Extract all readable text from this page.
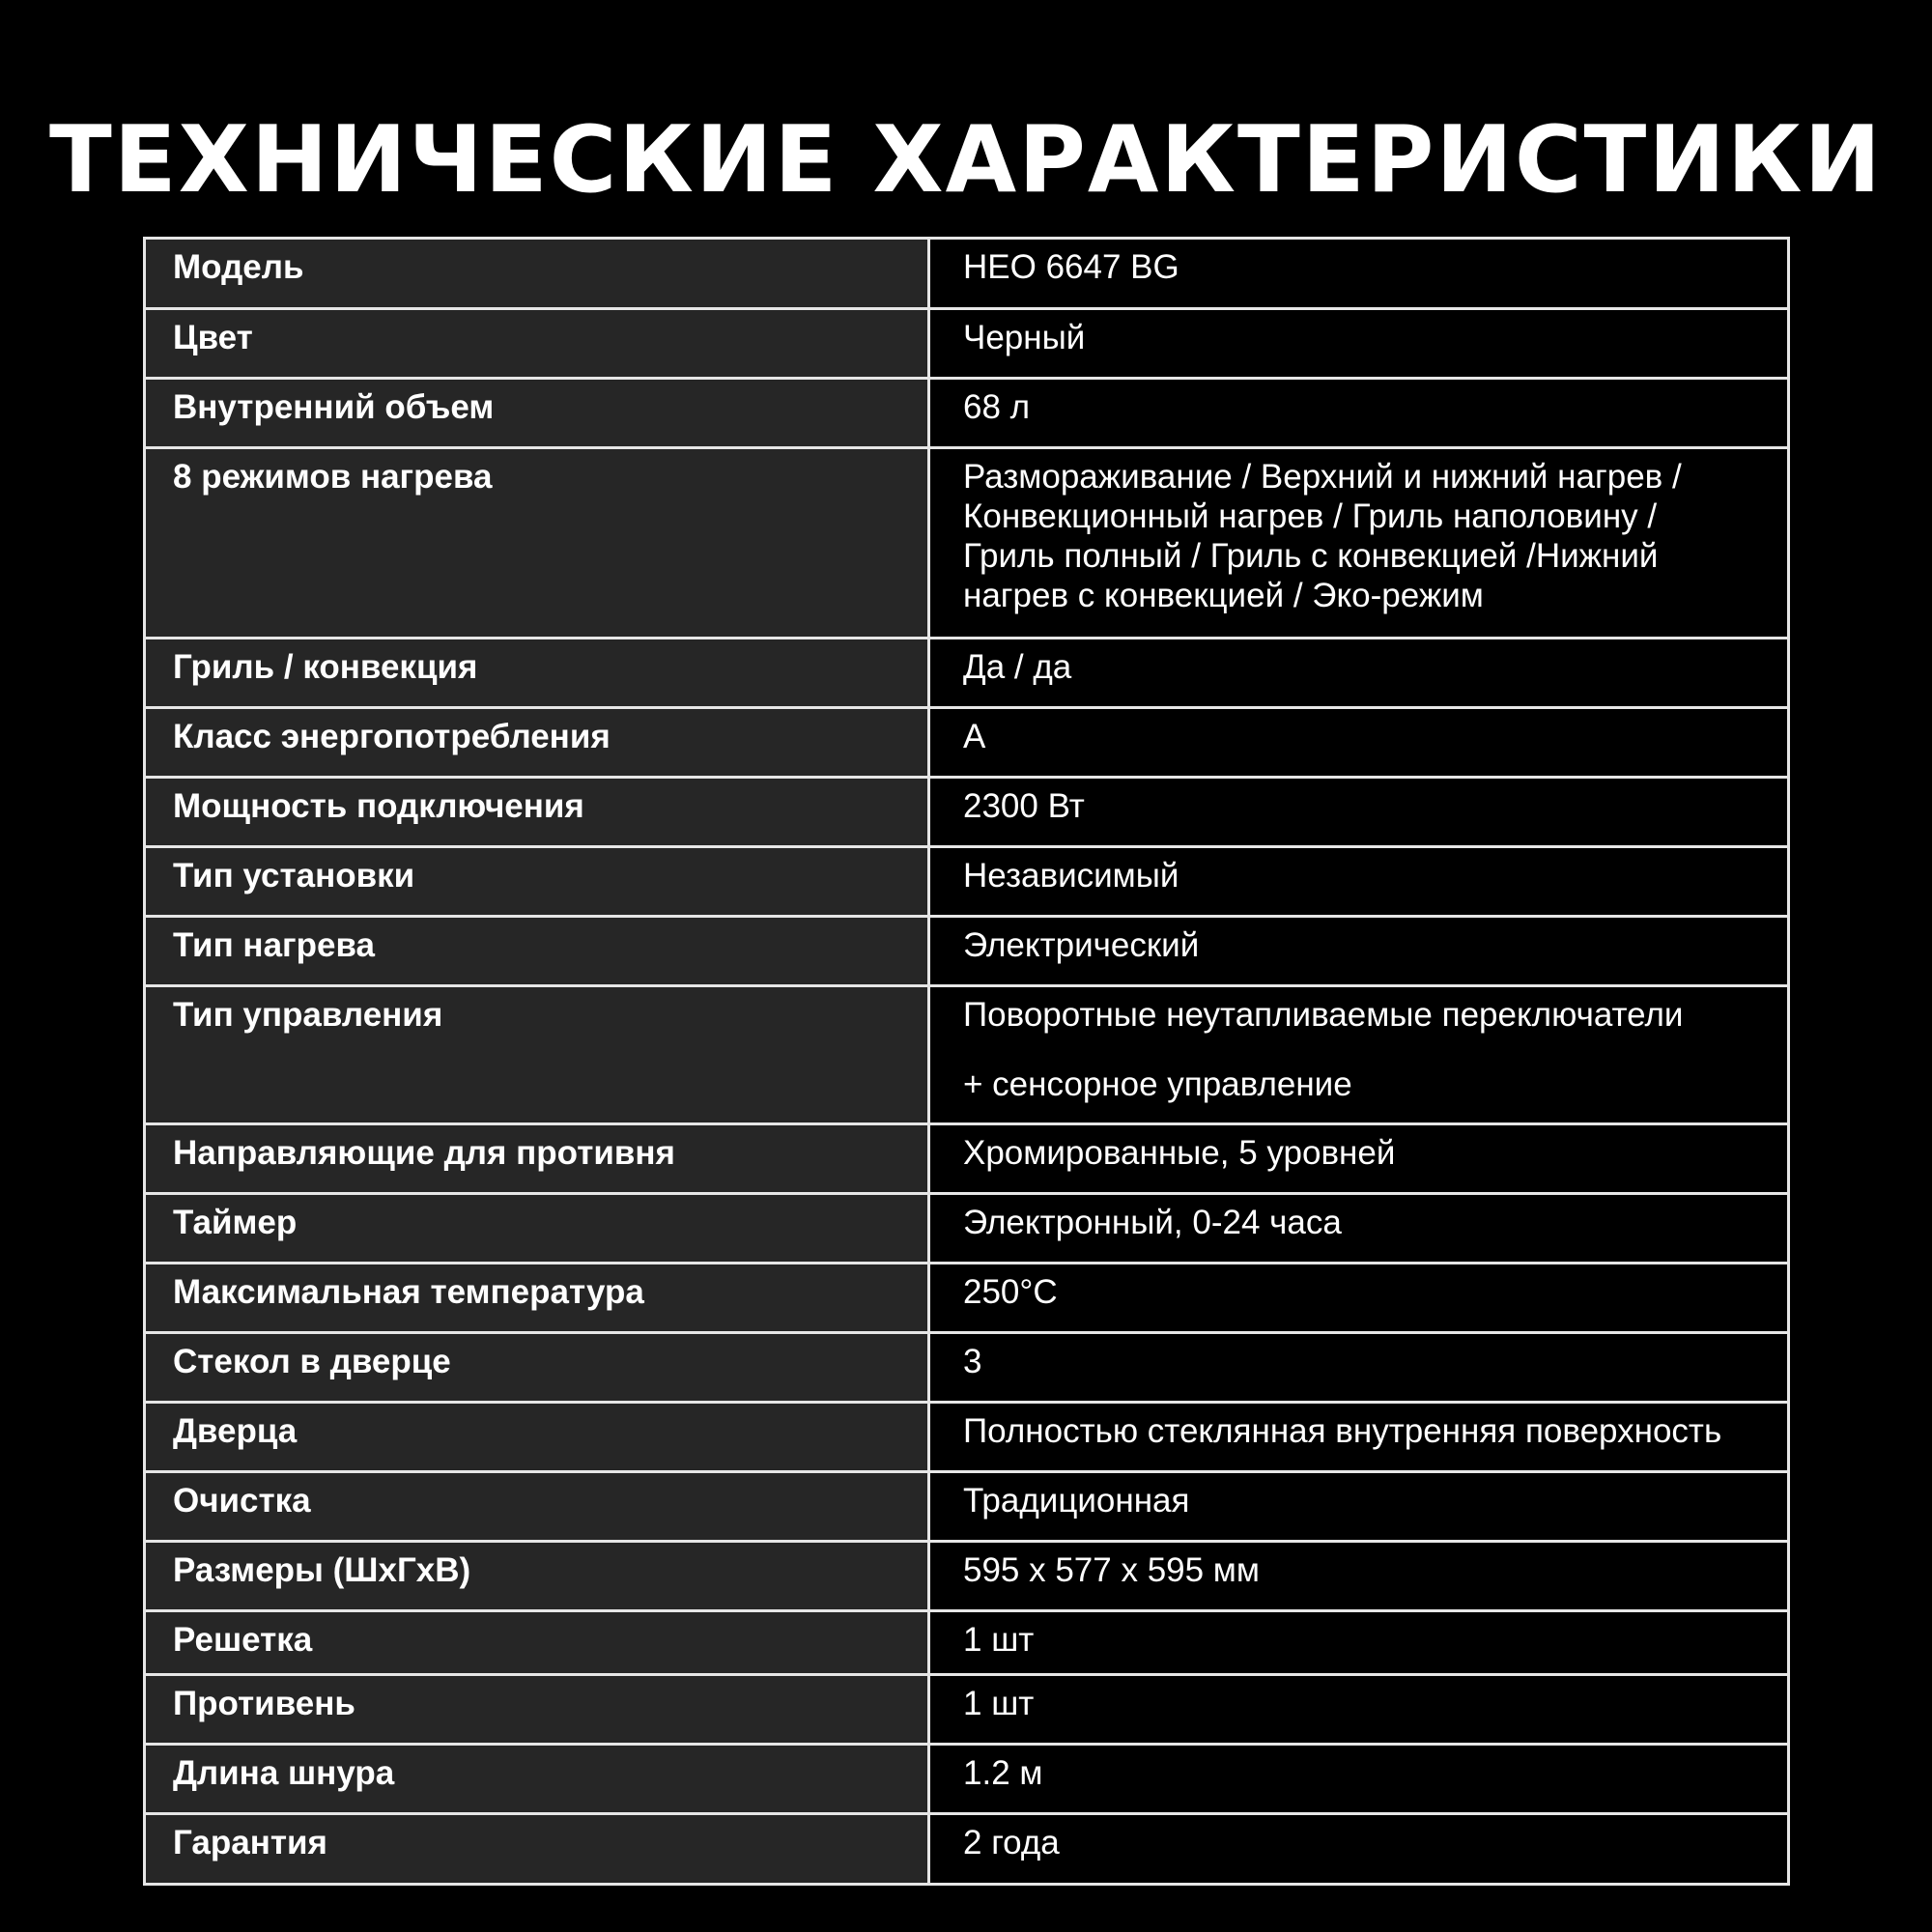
ТЕХНИЧЕСКИЕ ХАРАКТЕРИСТИКИ
Модель	HEO 6647 BG
Цвет	Черный
Внутренний объем	68 л
8 режимов нагрева	Размораживание / Верхний и нижний нагрев /
Конвекционный нагрев / Гриль наполовину /
Гриль полный / Гриль с конвекцией /Нижний
нагрев с конвекцией / Эко-режим

Гриль / конвекция	Да / да
Класс энергопотребления	А
Мощность подключения	2300 Вт
Тип установки	Независимый
Тип нагрева	Электрический
Тип управления	Поворотные неутапливаемые переключатели
+ сенсорное управление

Направляющие для противня	Хромированные, 5 уровней
Таймер	Электронный, 0-24 часа
Максимальная температура	250°C
Стекол в дверце	3
Дверца	Полностью стеклянная внутренняя поверхность
Очистка	Традиционная
Размеры (ШхГхВ)	595 х 577 х 595 мм
Решетка	1 шт
Противень	1 шт
Длина шнура	1.2 м
Гарантия	2 года
